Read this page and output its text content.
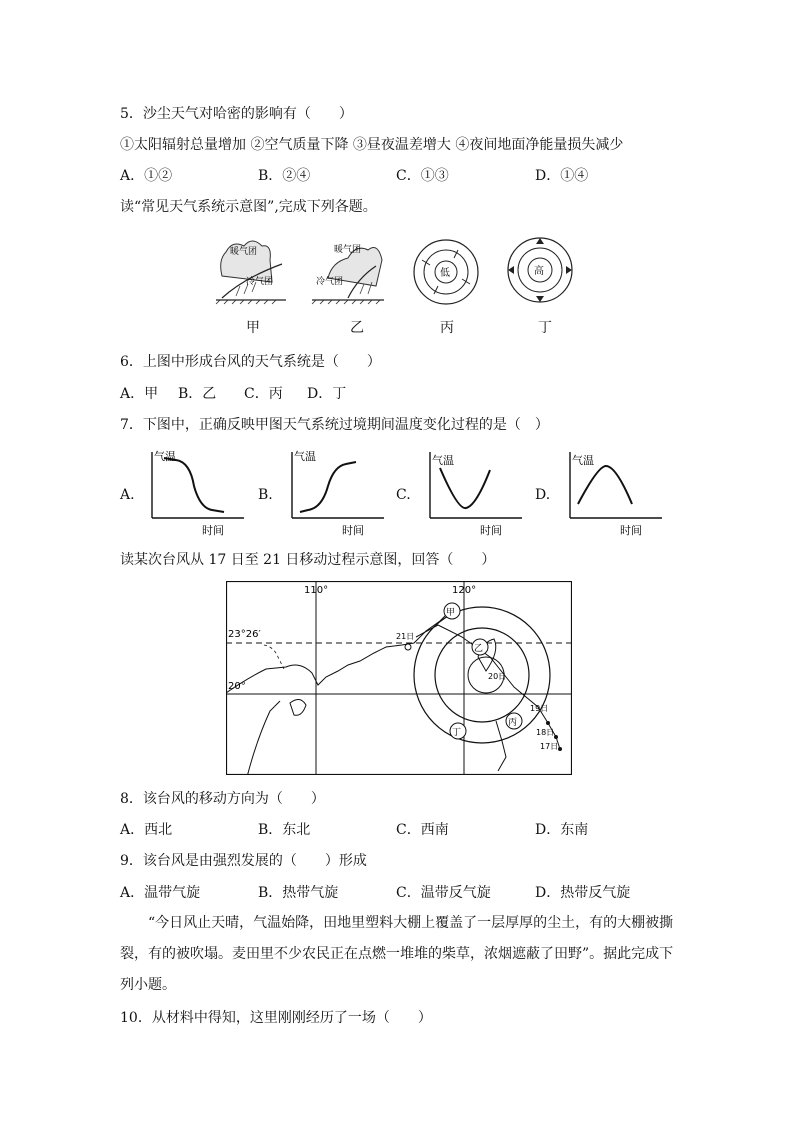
5．沙尘天气对哈密的影响有（　　）
①太阳辐射总量增加 ②空气质量下降 ③昼夜温差增大 ④夜间地面净能量损失减少
A．①②	B．②④	C．①③	D．①④
读“常见天气系统示意图”,完成下列各题。
暖气团
冷气团
暖气团
冷气团
低	高
甲	乙	丙	丁
6．上图中形成台风的天气系统是（　　）
A．甲 B．乙 C．丙 D．丁
7．下图中，正确反映甲图天气系统过境期间温度变化过程的是（　）
A.	B.	C.	D.
气温
时间
气温
时间
气温
时间
气温
时间
读某次台风从 17 日至 21 日移动过程示意图，回答（　　）
110°	120°
23°26′
20°
21日
20日
19日
18日
17日
甲
乙
丙
丁
8．该台风的移动方向为（　　）
A．西北	B．东北	C．西南	D．东南
9．该台风是由强烈发展的（　　）形成
A．温带气旋	B．热带气旋	C．温带反气旋	D．热带反气旋
“今日风止天晴，气温始降，田地里塑料大棚上覆盖了一层厚厚的尘土，有的大棚被撕裂，有的被吹塌。麦田里不少农民正在点燃一堆堆的柴草，浓烟遮蔽了田野”。据此完成下列小题。
10．从材料中得知，这里刚刚经历了一场（　　）
